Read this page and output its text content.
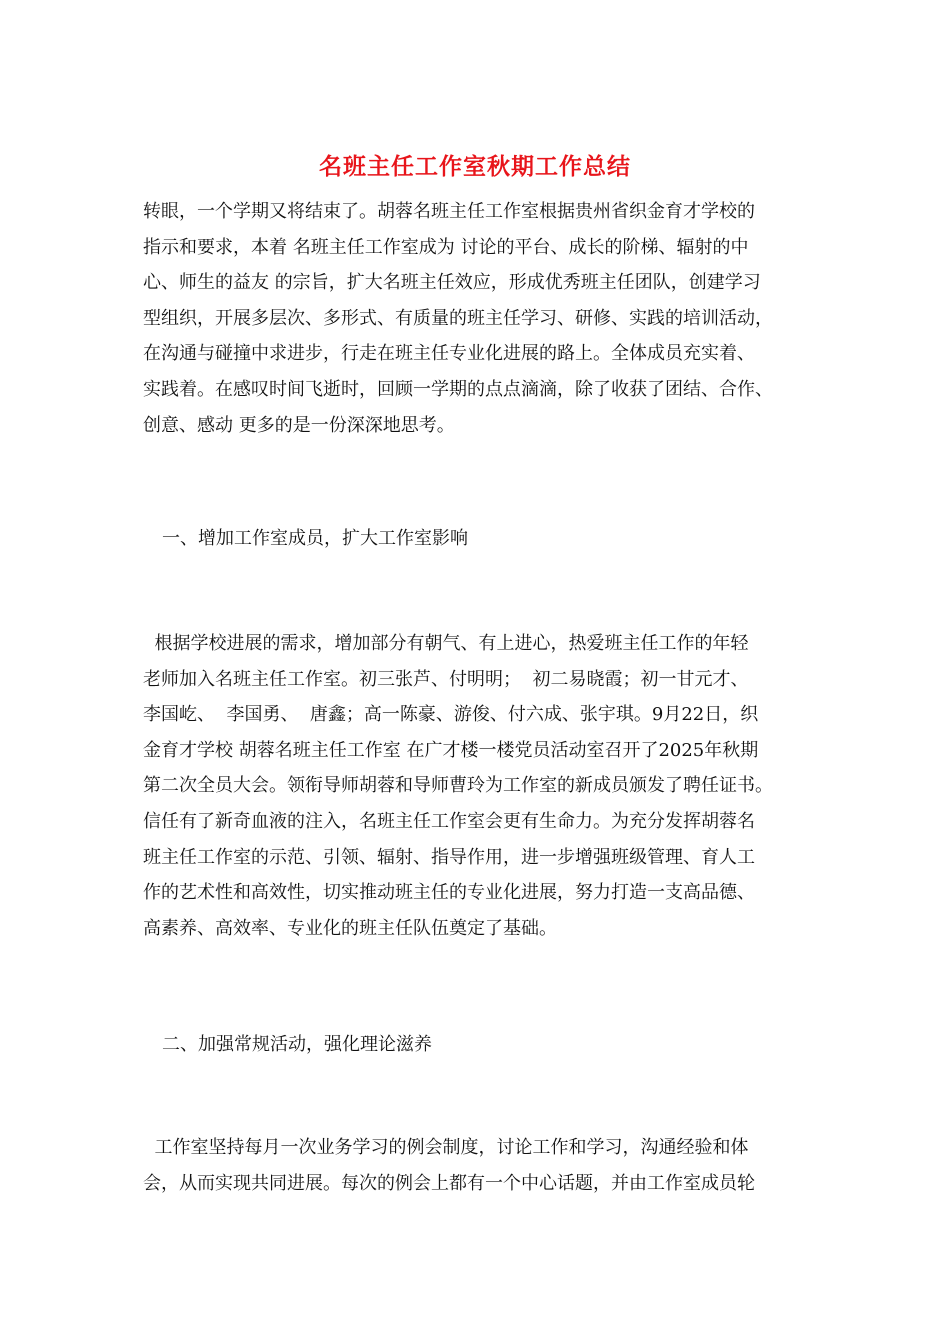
名班主任工作室秋期工作总结
转眼，一个学期又将结束了。胡蓉名班主任工作室根据贵州省织金育才学校的
指示和要求，本着 名班主任工作室成为 讨论的平台、成长的阶梯、辐射的中
心、师生的益友 的宗旨，扩大名班主任效应，形成优秀班主任团队，创建学习
型组织，开展多层次、多形式、有质量的班主任学习、研修、实践的培训活动，
在沟通与碰撞中求进步，行走在班主任专业化进展的路上。全体成员充实着、
实践着。在感叹时间飞逝时，回顾一学期的点点滴滴，除了收获了团结、合作、
创意、感动 更多的是一份深深地思考。
一、增加工作室成员，扩大工作室影响
根据学校进展的需求，增加部分有朝气、有上进心，热爱班主任工作的年轻
老师加入名班主任工作室。初三张芦、付明明；  初二易晓霞；初一甘元才、
李国屹、  李国勇、  唐鑫；高一陈豪、游俊、付六成、张宇琪。9月22日，织
金育才学校 胡蓉名班主任工作室 在广才楼一楼党员活动室召开了2025年秋期
第二次全员大会。领衔导师胡蓉和导师曹玲为工作室的新成员颁发了聘任证书。
信任有了新奇血液的注入，名班主任工作室会更有生命力。为充分发挥胡蓉名
班主任工作室的示范、引领、辐射、指导作用，进一步增强班级管理、育人工
作的艺术性和高效性，切实推动班主任的专业化进展，努力打造一支高品德、
高素养、高效率、专业化的班主任队伍奠定了基础。
二、加强常规活动，强化理论滋养
工作室坚持每月一次业务学习的例会制度，讨论工作和学习，沟通经验和体
会，从而实现共同进展。每次的例会上都有一个中心话题，并由工作室成员轮
